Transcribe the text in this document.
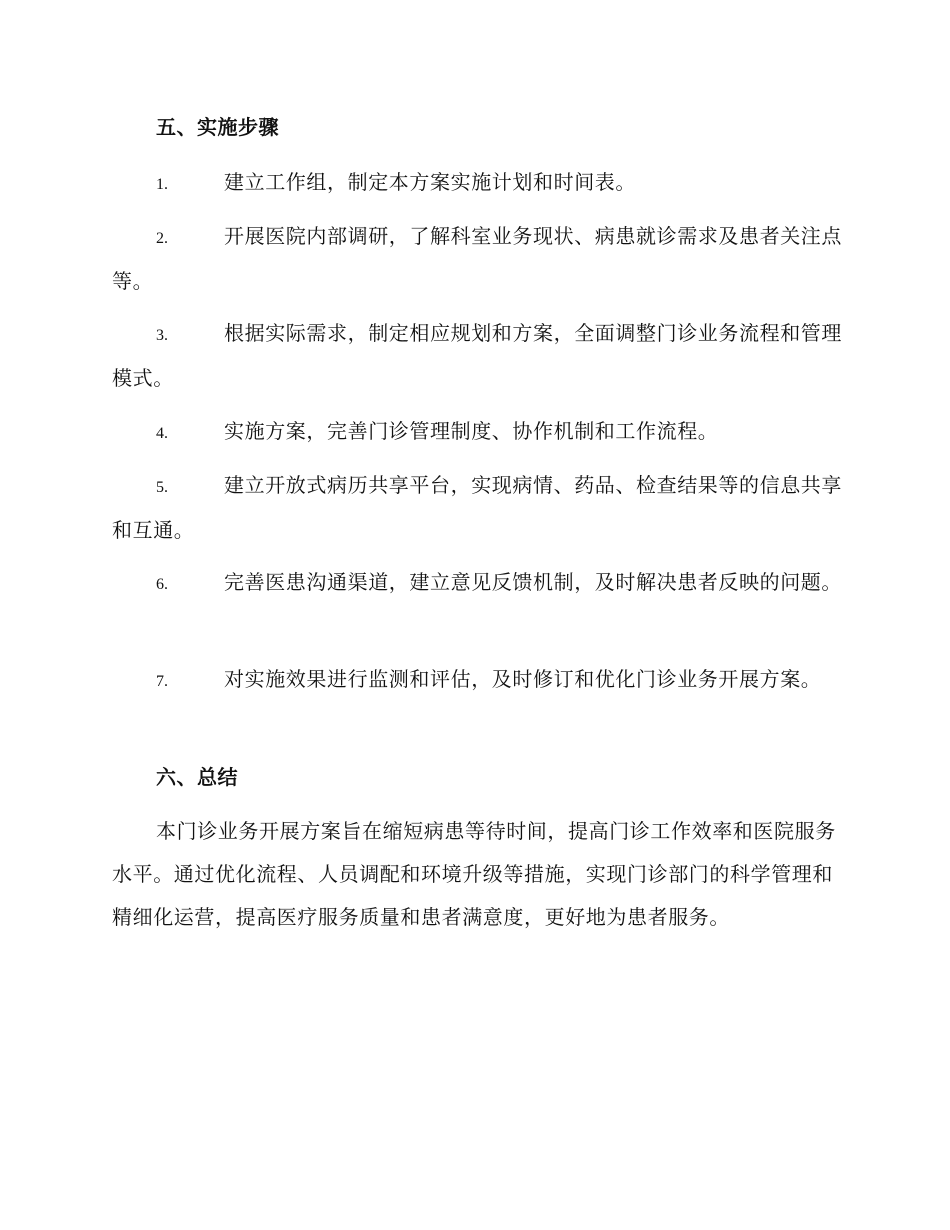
五、实施步骤
1.	建立工作组，制定本方案实施计划和时间表。
2.	开展医院内部调研，了解科室业务现状、病患就诊需求及患者关注点等。
3.	根据实际需求，制定相应规划和方案，全面调整门诊业务流程和管理模式。
4.	实施方案，完善门诊管理制度、协作机制和工作流程。
5.	建立开放式病历共享平台，实现病情、药品、检查结果等的信息共享和互通。
6.	完善医患沟通渠道，建立意见反馈机制，及时解决患者反映的问题。
7.	对实施效果进行监测和评估，及时修订和优化门诊业务开展方案。
六、总结
本门诊业务开展方案旨在缩短病患等待时间，提高门诊工作效率和医院服务水平。通过优化流程、人员调配和环境升级等措施，实现门诊部门的科学管理和精细化运营，提高医疗服务质量和患者满意度，更好地为患者服务。
